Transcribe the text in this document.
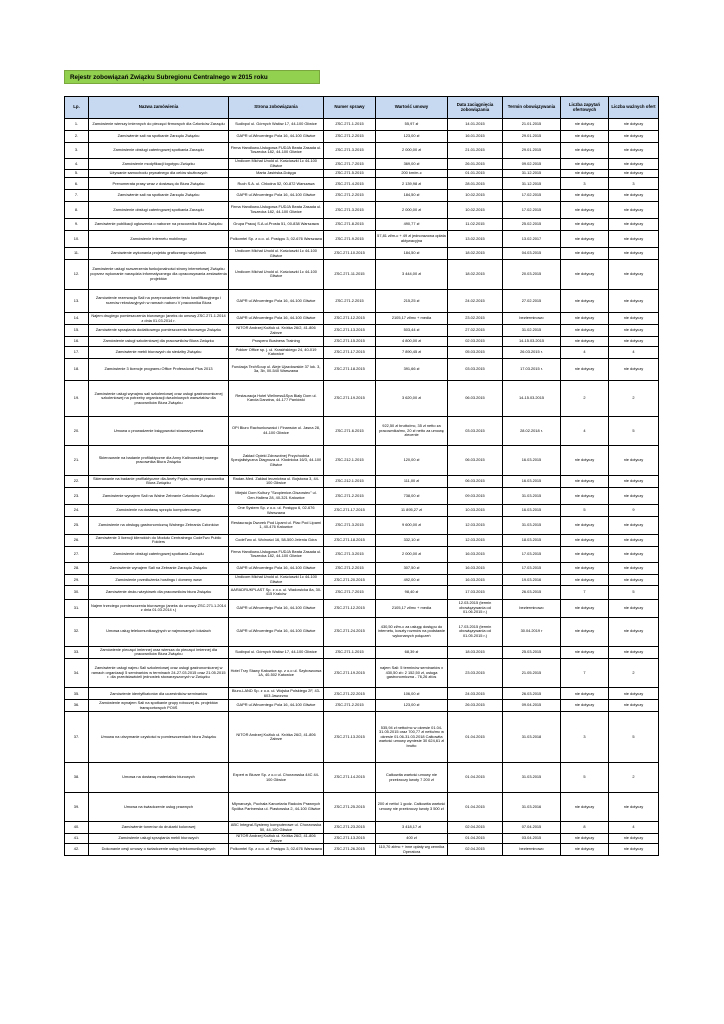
Rejestr zobowiązań Związku Subregionu Centralnego w 2015 roku
Lp.	Nazwa zamówienia	Strona zobowiązania	Numer sprawy	Wartość umowy	Data zaciągnięcia zobowiązania	Termin obowiązywania	Liczba zapytań ofertowych	Liczba ważnych ofert
1.	Zamówienie wierszy imiennych do pieczęci firmowych dla Członków Zarządu	Sudixpol ul. Górnych Wałów 17, 44-100 Gliwice	ZSC.271.1.2015	55,97 zł	14.01.2015	21.01.2015	nie dotyczy	nie dotyczy
2.	Zamówienie sali na spotkanie Zarządu Związku	GAPR ul.Wincentego Pola 16, 44-100 Gliwice	ZSC.271.2.2015	123,00 zł	16.01.2015	29.01.2015	nie dotyczy	nie dotyczy
3.	Zamówienie obsługi cateringowej spotkania Zarządu	Firma Handlowo-Usługowa FUDJA Beata Zasada ul. Toszecka 182, 44-100 Gliwice	ZSC.271.3.2015	2 000,00 zł	21.01.2015	29.01.2015	nie dotyczy	nie dotyczy
4.	Zamówienie modyfikacji logotypu Związku	Undicom Michał Unold ul. Kościuszki 1c 44-100 Gliwice	ZSC.271.7.2015	369,00 zł	26.01.2015	09.02.2015	nie dotyczy	nie dotyczy
5.	Używanie samochodu prywatnego dla celów służbowych	Marta Jasińska-Dołęga	ZSC.271.5.2015	200 km/m-c	01.01.2015	31.12.2015	nie dotyczy	nie dotyczy
6.	Prenumerata prasy wraz z dostawą do Biura Związku	Ruch S.A. ul. Chłodna 52, 00-872 Warszawa	ZSC.271.4.2015	2 139,98 zł	28.01.2015	31.12.2015	3	3
7.	Zamówienie sali na spotkanie Zarządu Związku	GAPR ul.Wincentego Pola 16, 44-100 Gliwice	ZSC.271.2.2015	184,50 zł	10.02.2015	17.02.2015	nie dotyczy	nie dotyczy
8.	Zamówienie obsługi cateringowej spotkania Zarządu	Firma Handlowo-Usługowa FUDJA Beata Zasada ul. Toszecka 182, 44-100 Gliwice	ZSC.271.3.2015	2 000,00 zł	10.02.2015	17.02.2015	nie dotyczy	nie dotyczy
9.	Zamówienie publikacji ogłoszenia o naborze na pracownika Biura Związku	Grupa Pracuj S.A.ul.Prosta 51, 00-838 Warszawa	ZSC.271.8.2015	490,77 zł	11.02.2015	25.02.2015	nie dotyczy	nie dotyczy
10.	Zamówienie Internetu mobilnego	Polkomtel Sp. z o.o. ul. Postępu 3, 02-676 Warszawa	ZSC.271.9.2015	57,81 zł/m-c + 49 zł jednorazowa opłata aktywacyjna	13.02.2015	13.02.2017	nie dotyczy	nie dotyczy
11.	Zamówienie wykonania projektu graficznego wizytówek	Undicom Michał Unold ul. Kościuszki 1c 44-100 Gliwice	ZSC.271.10.2015	184,50 zł	18.02.2015	04.03.2015	nie dotyczy	nie dotyczy
12.	Zamówienie usługi rozszerzenia funkcjonalności strony internetowej Związku poprzez wykonanie narzędzia informatycznego dla opracowywania zestawienia projektów	Undicom Michał Unold ul. Kościuszki 1c 44-100 Gliwice	ZSC.271.11.2015	3 444,00 zł	18.02.2015	20.03.2015	nie dotyczy	nie dotyczy
13.	Zamówienie rezerwacja Sali na przeprowadzenie testu kwalifikacyjnego i rozmów rekrutacyjnych w ramach naboru V pracownika Biura	GAPR ul.Wincentego Pola 16, 44-100 Gliwice	ZSC.271.2.2015	215,25 zł	24.02.2015	27.02.2015	nie dotyczy	nie dotyczy
14.	Najem drugiego pomieszczenia biurowego (aneks do umowy ZSC.271.1.2014 z dnia 01.03.2014 r.	GAPR ul.Wincentego Pola 16, 44-100 Gliwice	ZSC.271.12.2015	2105,17 zł/mc + media	23.02.2015	bezterminowo	nie dotyczy	nie dotyczy
15.	Zamówienie sprzątania dodatkowego pomieszczenia biurowego Związku	NITOR Andrzej Kožluk ul. Krótka 26/2, 41-806 Zabrze	ZSC.271.13.2015	503,44 zł	27.02.2015	31.02.2015	nie dotyczy	nie dotyczy
16.	Zamówienie usługi szkoleniowej dla pracowników Biura Związku	Prospero Business Training	ZSC.271.15.2015	4 800,00 zł	02.03.2015	14-15.03.2015	nie dotyczy	nie dotyczy
17.	Zamówienie mebli biurowych do siedziby Związku	Pokker Office sp. j. ul. Krasińskiego 24, 40-019 Katowice	ZSC.271.17.2015	7 890,45 zł	05.03.2015	26.03.2015 r.	4	4
18.	Zamówienie 3 licencje programu Office Professional Plus 2013	Fundacja TechSoup ul. Aleje Ujazdowskie 37 lok. 3, 3a, 3b, 00-540 Warszawa	ZSC.271.18.2015	391,66 zł	03.03.2015	17.03.2015 r.	nie dotyczy	nie dotyczy
19.	Zamówienie usługi wynajmu sali szkoleniowej oraz usługi gastronomicznej szkoleniowej na potrzeby organizacji dwudniowych warsztatów dla pracowników Biura Związku	Restauracja Hotel Wellness&Spa Biały Dom ul. Karola Darwina, 44-177 Paniówki	ZSC.271.19.2015	3 620,00 zł	06.03.2015	14-15.03.2015	2	2
20.	Umowa o prowadzenie księgowości stowarzyszenia	OPI Biuro Rachunkowości i Finansów ul. Jasna 28, 44-100 Gliwice	ZSC.271.6.2015	922,50 zł brutto/mc, 35 zł netto za pracownika/mc, 20 zł netto za umowę zlecenie	03.03.2015	28.02.2018 r.	4	5
21.	Skierowanie na badanie profilaktyczne dla Anny Kalinowskiej nowego pracownika Biura Związku	Zakład Opieki Zdrowotnej Przychodnia Specjalistyczna Diagnoza ul. Kłodnicka 16/3, 44-100 Gliwice	ZSC.212.1.2015	120,00 zł	06.03.2015	16.03.2015	nie dotyczy	nie dotyczy
22.	Skierowanie na badanie profilaktyczne dla Anety Fryda, nowego pracownika Biura Związku	Radan-Med. Zakład lecznictwa ul. Bojstowa 3, 44-100 Gliwice	ZSC.212.1.2015	111,00 zł	06.03.2015	16.03.2015	nie dotyczy	nie dotyczy
23.	Zamówienie wynajem Sali na Walne Zebranie Członków Związku	Miejski Dom Kultury "Szopienice-Giszowiec" ul. Gen.Hallera 28, 40-321 Katowice	ZSC.271.2.2015	738,00 zł	09.03.2015	31.03.2015	nie dotyczy	nie dotyczy
24.	Zamówienie na dostawę sprzętu komputerowego	One System Sp. z o.o. ul. Postępu 6, 02-676 Warszawa	ZSC.271.17.2015	11 895,27 zł	10.03.2015	16.03.2015	5	9
25.	Zamówienie na obsługę gastronomiczną Walnego Zebrania Członków	Restauracja Dworek Pod Lipami ul. Plac Pod Lipami 1, 40-476 Katowice	ZSC.271.3.2015	9 600,00 zł	12.03.2015	31.03.2015	nie dotyczy	nie dotyczy
26.	Zamówienie 3 licencji klienckich do Modułu Centralnego CodeTwo Public Folders	CodeTwo ul. Wolności 16, 58-500 Jelenia Góra	ZSC.271.18.2015	332,10 zł	12.03.2015	18.03.2015	nie dotyczy	nie dotyczy
27.	Zamówienie obsługi cateringowej spotkania Zarządu	Firma Handlowo-Usługowa FUDJA Beata Zasada ul. Toszecka 182, 44-100 Gliwice	ZSC.271.3.2015	2 000,00 zł	16.03.2015	17.03.2015	nie dotyczy	nie dotyczy
28.	Zamówienie wynajem Sali na Zebranie Zarządu Związku	GAPR ul.Wincentego Pola 16, 44-100 Gliwice	ZSC.271.2.2015	307,50 zł	16.03.2015	17.03.2015	nie dotyczy	nie dotyczy
29.	Zamówienie przedłużenia hostingu i domeny www	Undicom Michał Unold ul. Kościuszki 1c 44-100 Gliwice	ZSC.271.20.2015	492,00 zł	16.03.2015	19.03.2016	nie dotyczy	nie dotyczy
30.	Zamówienie druku wizytówek dla pracowników biura Związku	AARADRUKPLAST Sp. z o.o. ul. Wadowicka 8a, 30-415 Kraków	ZSC.271.7.2015	98,40 zł	17.03.2015	26.03.2015	7	5
31.	Najem trzeciego pomieszczenia biurowego (aneks do umowy ZSC.271.1.2014 z dnia 01.03.2014 r.)	GAPR ul.Wincentego Pola 16, 44-100 Gliwice	ZSC.271.12.2015	2105,17 zł/mc + media	12.03.2015 (termin obowiązywania od 01.06.2015 r.)	bezterminowo	nie dotyczy	nie dotyczy
32.	Umowa usług telekomunikacyjnych w najmowanych lokalach	GAPR ul.Wincentego Pola 16, 44-100 Gliwice	ZSC.271.24.2015	430,50 zł/m-c za usługę dostępu do internetu, koszty rozmów na podstawie wykonanych połączeń	17.03.2015 (termin obowiązywania od 01.05.2015 r.)	30.04.2019 r	nie dotyczy	nie dotyczy
33.	Zamówienie pieczęci imiennej oraz wiersza do pieczęci imiennej dla pracowników Biura Związku	Sudixpol ul. Górnych Wałów 17, 44-100 Gliwice	ZSC.271.1.2015	68,39 zł	18.03.2015	25.03.2015	nie dotyczy	nie dotyczy
34.	Zamówienie usługi najmu Sali szkoleniowej oraz usługi gastronomicznej w ramach organizacji 5 seminariów w terminach 24-27.03.2015 oraz 21.05.2015 r. dla przedstawicieli jednostek stowarzyszonych w Związku	Hotel Trzy Stawy Katowice sp. z o.o ul. Szybowcowa 1A, 40-502 Katowice	ZSC.271.19.2015	najem Sali: 5 terminów seminariów x 430,50 zł= 2 152,50 zł, usługa gastronomiczna - 76,26 zł/os	23.03.2015	21.05.2015	7	2
35.	Zamówienie identyfikatorów dla uczestników seminariów	Biuro-LAND Sp. z o.o. ul. Wojska Polskiego 2F, 43-603 Jaworzno	ZSC.271.22.2015	106,00 zł	24.03.2015	26.03.2015	nie dotyczy	nie dotyczy
36.	Zamówienie wynajem Sali na spotkanie grupy roboczej ds. projektów transportowych POIiŚ	GAPR ul.Wincentego Pola 16, 44-100 Gliwice	ZSC.271.2.2015	123,00 zł	26.03.2015	09.04.2015	nie dotyczy	nie dotyczy
37.	Umowa na utrzymanie czystości w pomieszczeniach biura Związku	NITOR Andrzej Kožluk ul. Krótka 26/2, 41-806 Zabrze	ZSC.271.13.2015	535,94 zł netto/mc w okresie 01.04-31.05.2015 oraz 700,77 zł netto/mc w okresie 01.06-31.03.2018 Całkowita wartość umowy wyniesie 30 624,61 zł brutto	01.04.2015	31.03.2018	3	5
38.	Umowa na dostawę materiałów biurowych	Expert w Biurze Sp. z o.o ul. Chorzowska 44C 44-100 Gliwice	ZSC.271.14.2015	Całkowita wartość umowy nie przekroczy kwoty 7 200 zł	01.04.2015	31.03.2015	5	2
39.	Umowa na świadczenie usług prawnych	Młynarczyk, Puchała Kancelaria Radców Prawnych Spółka Partnerska ul. Piastowska 2, 44-100 Gliwice	ZSC.271.25.2015	200 zł netto/ 1 godz. Całkowita wartość umowy nie przekroczy kwoty 3 500 zł	01.04.2015	31.03.2016	nie dotyczy	nie dotyczy
40.	Zamówienie tonerów do drukarki kolorowej	ABC Integral-Systemy komputerowe ul. Chorzowska 50, 44-100 Gliwice	ZSC.271.23.2015	3 418,17 zł	02.04.2015	07.04.2015	8	4
41.	Zamówienie usługi sprzątania mebli biurowych	NITOR Andrzej Kožluk ul. Krótka 26/2, 41-806 Zabrze	ZSC.271.13.2015	400 zł	01.04.2015	03.04.2015	nie dotyczy	nie dotyczy
42.	Dokonanie cesji umowy o świadczenie usług telekomunikacyjnych	Polkomtel Sp. z o.o. ul. Postępu 3, 02-676 Warszawa	ZSC.271.26.2015	110,70 zł/mc + inne opłaty wg cennika Operatora	02.04.2015	bezterminowo	nie dotyczy	nie dotyczy
